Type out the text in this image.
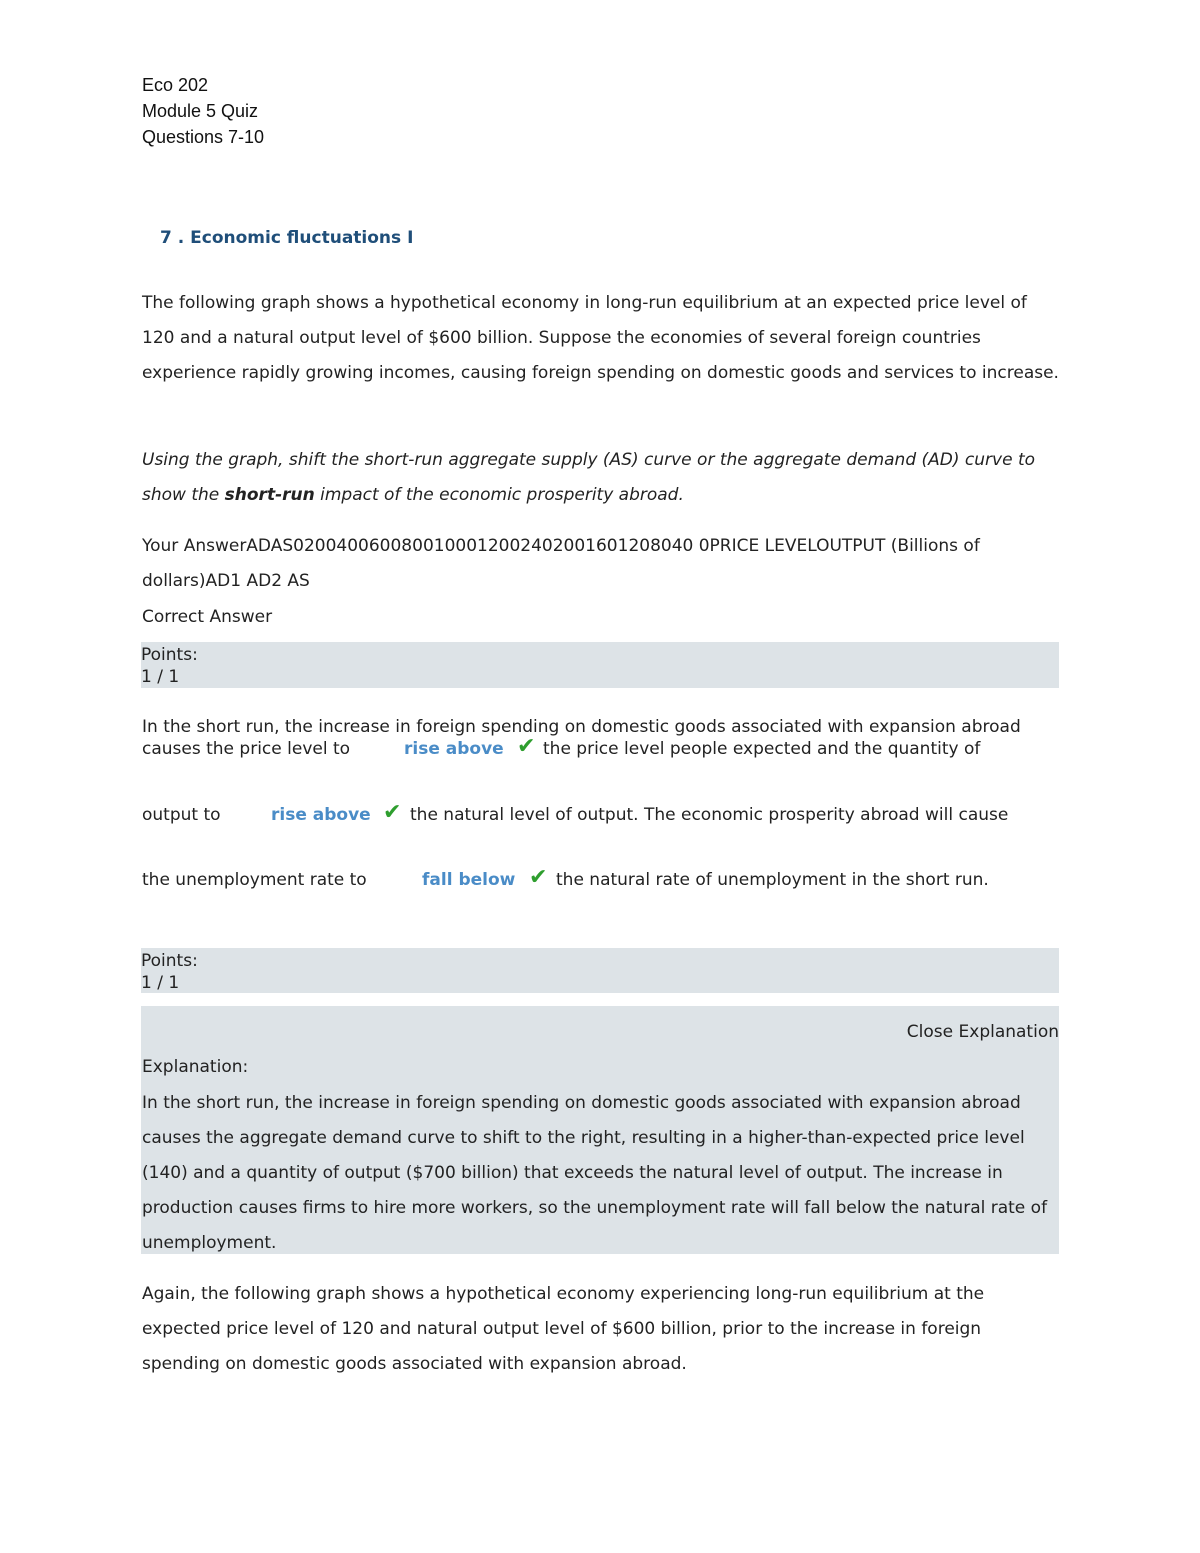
Eco 202
Module 5 Quiz
Questions 7-10
7 . Economic fluctuations I
The following graph shows a hypothetical economy in long-run equilibrium at an expected price level of 120 and a natural output level of $600 billion. Suppose the economies of several foreign countries experience rapidly growing incomes, causing foreign spending on domestic goods and services to increase.
Using the graph, shift the short-run aggregate supply (AS) curve or the aggregate demand (AD) curve to show the short-run impact of the economic prosperity abroad.
Your AnswerADAS0200400600800100012002402001601208040 0PRICE LEVELOUTPUT (Billions of dollars)AD1 AD2 AS
Correct Answer
Points:
1 / 1
In the short run, the increase in foreign spending on domestic goods associated with expansion abroad
causes the price level to	rise above ✔ the price level people expected and the quantity of
output to	rise above ✔ the natural level of output. The economic prosperity abroad will cause
the unemployment rate to	fall below ✔ the natural rate of unemployment in the short run.
Points:
1 / 1
Close Explanation
Explanation:
In the short run, the increase in foreign spending on domestic goods associated with expansion abroad causes the aggregate demand curve to shift to the right, resulting in a higher-than-expected price level (140) and a quantity of output ($700 billion) that exceeds the natural level of output. The increase in production causes firms to hire more workers, so the unemployment rate will fall below the natural rate of unemployment.
Again, the following graph shows a hypothetical economy experiencing long-run equilibrium at the expected price level of 120 and natural output level of $600 billion, prior to the increase in foreign spending on domestic goods associated with expansion abroad.
